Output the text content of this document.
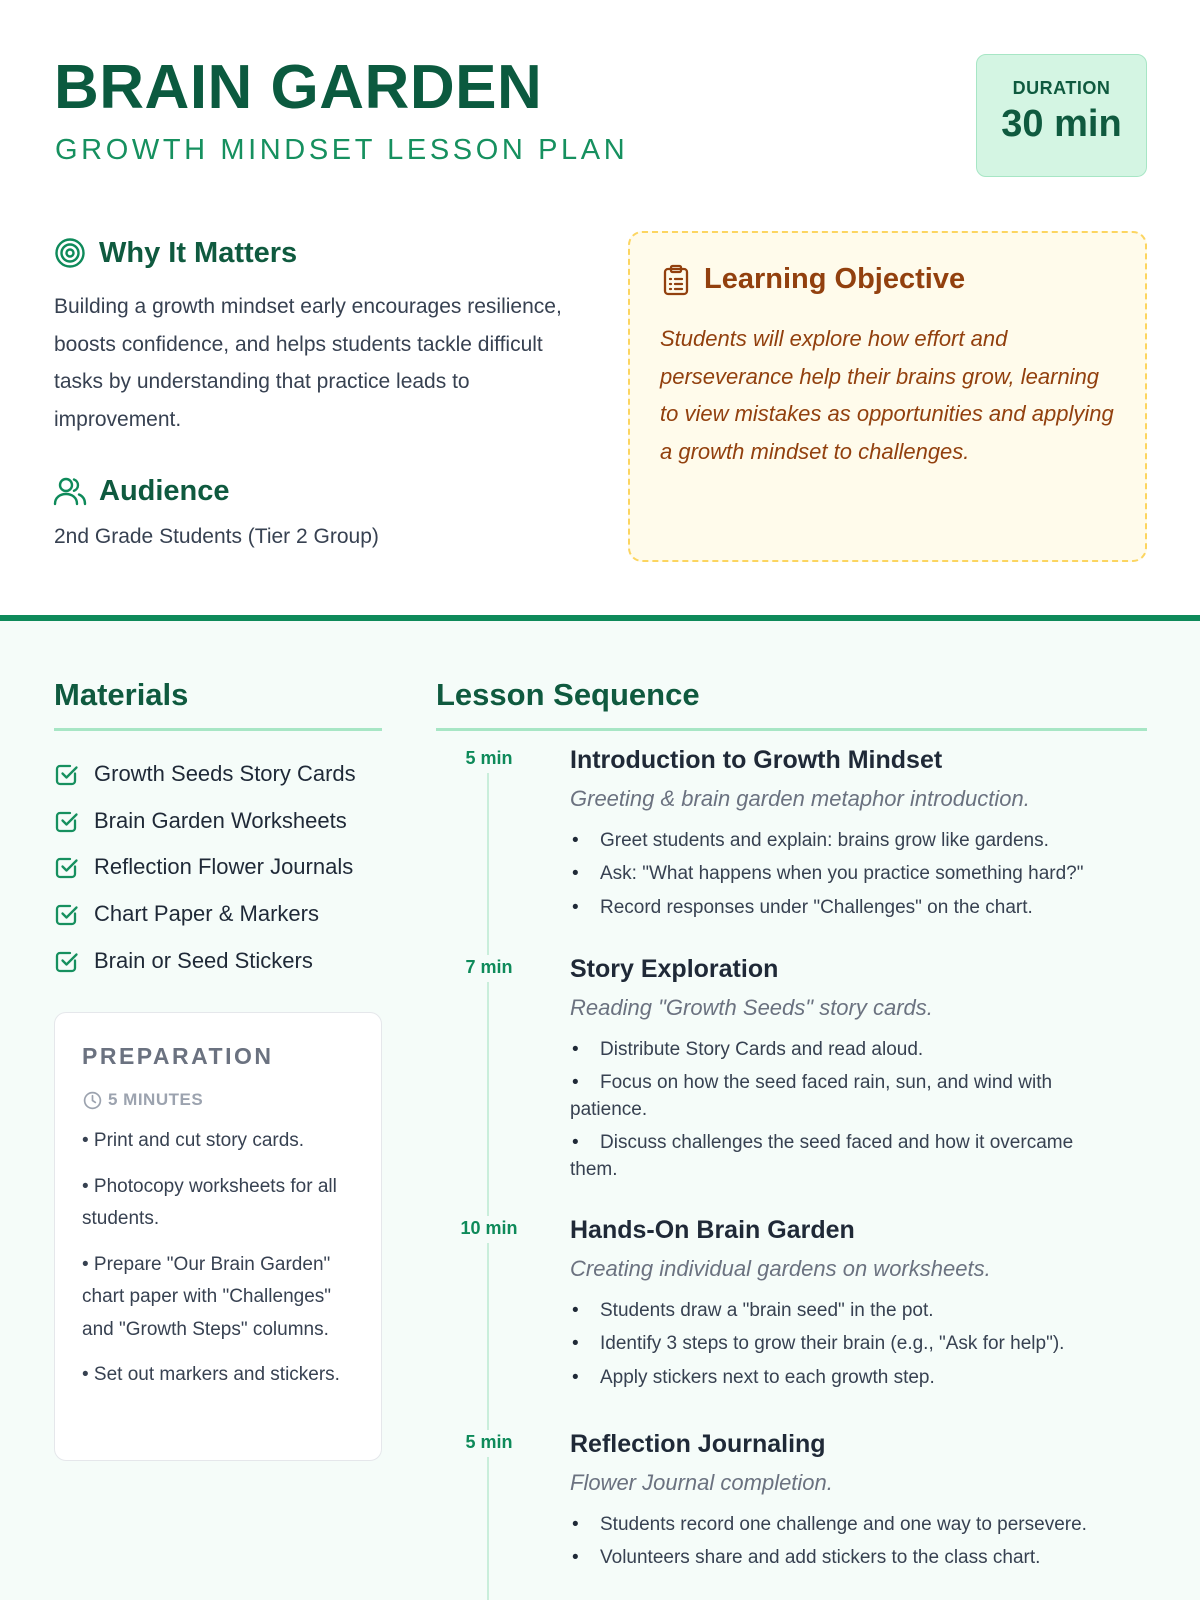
BRAIN GARDEN
GROWTH MINDSET LESSON PLAN
DURATION
30 min
Why It Matters

Building a growth mindset early encourages resilience, boosts confidence, and helps students tackle difficult tasks by understanding that practice leads to improvement.

Audience

2nd Grade Students (Tier 2 Group)

Learning Objective

Students will explore how effort and perseverance help their brains grow, learning to view mistakes as opportunities and applying a growth mindset to challenges.

Materials
Growth Seeds Story Cards
Brain Garden Worksheets
Reflection Flower Journals
Chart Paper & Markers
Brain or Seed Stickers
PREPARATION
5 MINUTES
• Print and cut story cards.
• Photocopy worksheets for all students.
• Prepare "Our Brain Garden" chart paper with "Challenges" and "Growth Steps" columns.
• Set out markers and stickers.
Lesson Sequence
5 min	Introduction to Growth Mindset
Greeting & brain garden metaphor introduction.
• Greet students and explain: brains grow like gardens.
• Ask: "What happens when you practice something hard?"
• Record responses under "Challenges" on the chart.
7 min	Story Exploration
Reading "Growth Seeds" story cards.
• Distribute Story Cards and read aloud.
• Focus on how the seed faced rain, sun, and wind with patience.
• Discuss challenges the seed faced and how it overcame them.
10 min	Hands-On Brain Garden
Creating individual gardens on worksheets.
• Students draw a "brain seed" in the pot.
• Identify 3 steps to grow their brain (e.g., "Ask for help").
• Apply stickers next to each growth step.
5 min	Reflection Journaling
Flower Journal completion.
• Students record one challenge and one way to persevere.
• Volunteers share and add stickers to the class chart.
